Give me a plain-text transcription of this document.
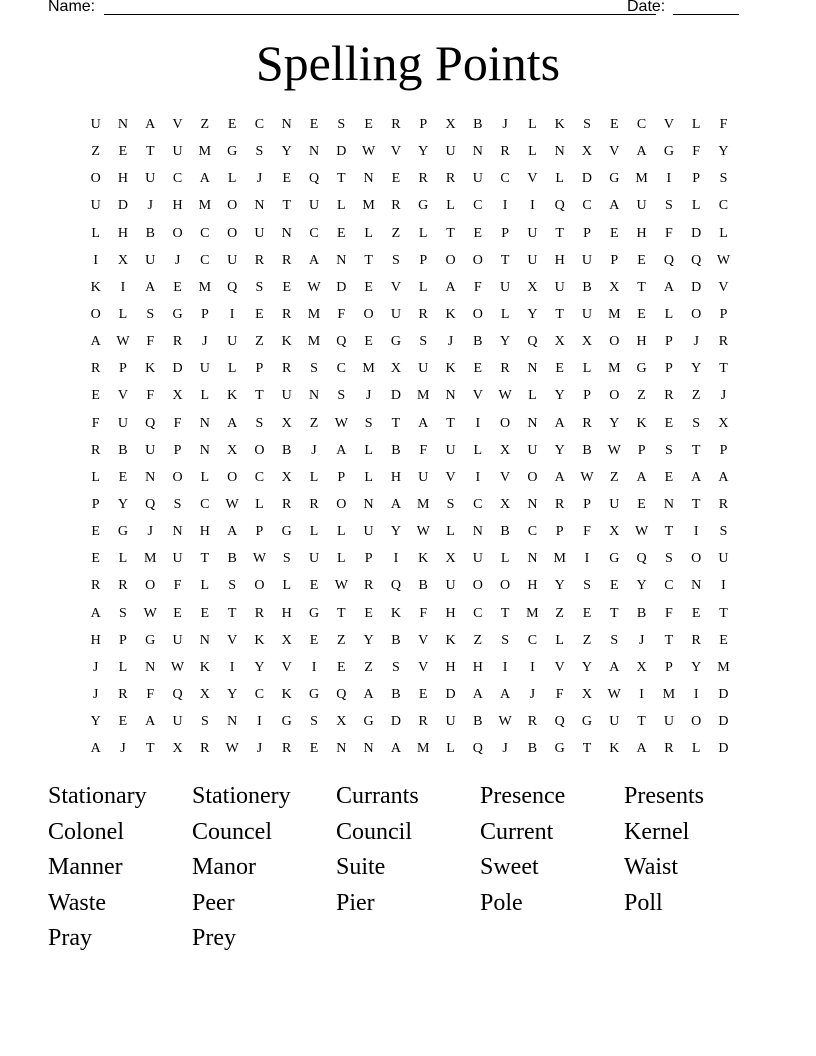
Name:	Date:
Spelling Points
U	N	A	V	Z	E	C	N	E	S	E	R	P	X	B	J	L	K	S	E	C	V	L	F
Z	E	T	U	M	G	S	Y	N	D	W	V	Y	U	N	R	L	N	X	V	A	G	F	Y
O	H	U	C	A	L	J	E	Q	T	N	E	R	R	U	C	V	L	D	G	M	I	P	S
U	D	J	H	M	O	N	T	U	L	M	R	G	L	C	I	I	Q	C	A	U	S	L	C
L	H	B	O	C	O	U	N	C	E	L	Z	L	T	E	P	U	T	P	E	H	F	D	L
I	X	U	J	C	U	R	R	A	N	T	S	P	O	O	T	U	H	U	P	E	Q	Q	W
K	I	A	E	M	Q	S	E	W	D	E	V	L	A	F	U	X	U	B	X	T	A	D	V
O	L	S	G	P	I	E	R	M	F	O	U	R	K	O	L	Y	T	U	M	E	L	O	P
A	W	F	R	J	U	Z	K	M	Q	E	G	S	J	B	Y	Q	X	X	O	H	P	J	R
R	P	K	D	U	L	P	R	S	C	M	X	U	K	E	R	N	E	L	M	G	P	Y	T
E	V	F	X	L	K	T	U	N	S	J	D	M	N	V	W	L	Y	P	O	Z	R	Z	J
F	U	Q	F	N	A	S	X	Z	W	S	T	A	T	I	O	N	A	R	Y	K	E	S	X
R	B	U	P	N	X	O	B	J	A	L	B	F	U	L	X	U	Y	B	W	P	S	T	P
L	E	N	O	L	O	C	X	L	P	L	H	U	V	I	V	O	A	W	Z	A	E	A	A
P	Y	Q	S	C	W	L	R	R	O	N	A	M	S	C	X	N	R	P	U	E	N	T	R
E	G	J	N	H	A	P	G	L	L	U	Y	W	L	N	B	C	P	F	X	W	T	I	S
E	L	M	U	T	B	W	S	U	L	P	I	K	X	U	L	N	M	I	G	Q	S	O	U
R	R	O	F	L	S	O	L	E	W	R	Q	B	U	O	O	H	Y	S	E	Y	C	N	I
A	S	W	E	E	T	R	H	G	T	E	K	F	H	C	T	M	Z	E	T	B	F	E	T
H	P	G	U	N	V	K	X	E	Z	Y	B	V	K	Z	S	C	L	Z	S	J	T	R	E
J	L	N	W	K	I	Y	V	I	E	Z	S	V	H	H	I	I	V	Y	A	X	P	Y	M
J	R	F	Q	X	Y	C	K	G	Q	A	B	E	D	A	A	J	F	X	W	I	M	I	D
Y	E	A	U	S	N	I	G	S	X	G	D	R	U	B	W	R	Q	G	U	T	U	O	D
A	J	T	X	R	W	J	R	E	N	N	A	M	L	Q	J	B	G	T	K	A	R	L	D
Stationary	Stationery	Currants	Presence	Presents
Colonel	Councel	Council	Current	Kernel
Manner	Manor	Suite	Sweet	Waist
Waste	Peer	Pier	Pole	Poll
Pray	Prey
